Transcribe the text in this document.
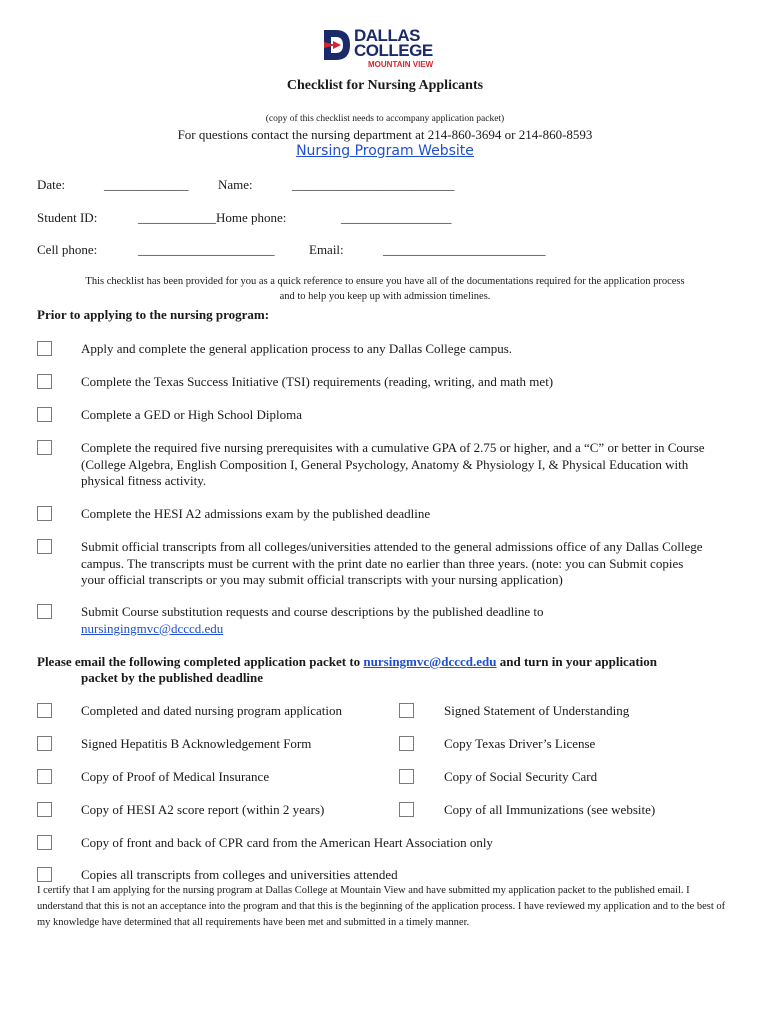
DALLAS
COLLEGE
MOUNTAIN VIEW
Checklist for Nursing Applicants
(copy of this checklist needs to accompany application packet)
For questions contact the nursing department at 214-860-3694 or 214-860-8593
Nursing Program Website
Date:	_____________ Name:	_________________________
Student ID:	____________Home phone:	_________________
Cell phone:	_____________________	Email:	_________________________
This checklist has been provided for you as a quick reference to ensure you have all of the documentations required for the application process and to help you keep up with admission timelines.
Prior to applying to the nursing program:
Apply and complete the general application process to any Dallas College campus.
Complete the Texas Success Initiative (TSI) requirements (reading, writing, and math met)
Complete a GED or High School Diploma
Complete the required five nursing prerequisites with a cumulative GPA of 2.75 or higher, and a “C” or better in Course (College Algebra, English Composition I, General Psychology, Anatomy & Physiology I, & Physical Education with physical fitness activity.
Complete the HESI A2 admissions exam by the published deadline
Submit official transcripts from all colleges/universities attended to the general admissions office of any Dallas College campus. The transcripts must be current with the print date no earlier than three years. (note: you can Submit copies your official transcripts or you may submit official transcripts with your nursing application)
Submit Course substitution requests and course descriptions by the published deadline to
nursingingmvc@dcccd.edu
Please email the following completed application packet to nursingmvc@dcccd.edu and turn in your application
packet by the published deadline
Completed and dated nursing program application	Signed Statement of Understanding
Signed Hepatitis B Acknowledgement Form	Copy Texas Driver’s License
Copy of Proof of Medical Insurance	Copy of Social Security Card
Copy of HESI A2 score report (within 2 years)	Copy of all Immunizations (see website)
Copy of front and back of CPR card from the American Heart Association only
Copies all transcripts from colleges and universities attended
I certify that I am applying for the nursing program at Dallas College at Mountain View and have submitted my application packet to the published email. I understand that this is not an acceptance into the program and that this is the beginning of the application process. I have reviewed my application and to the best of my knowledge have determined that all requirements have been met and submitted in a timely manner.
